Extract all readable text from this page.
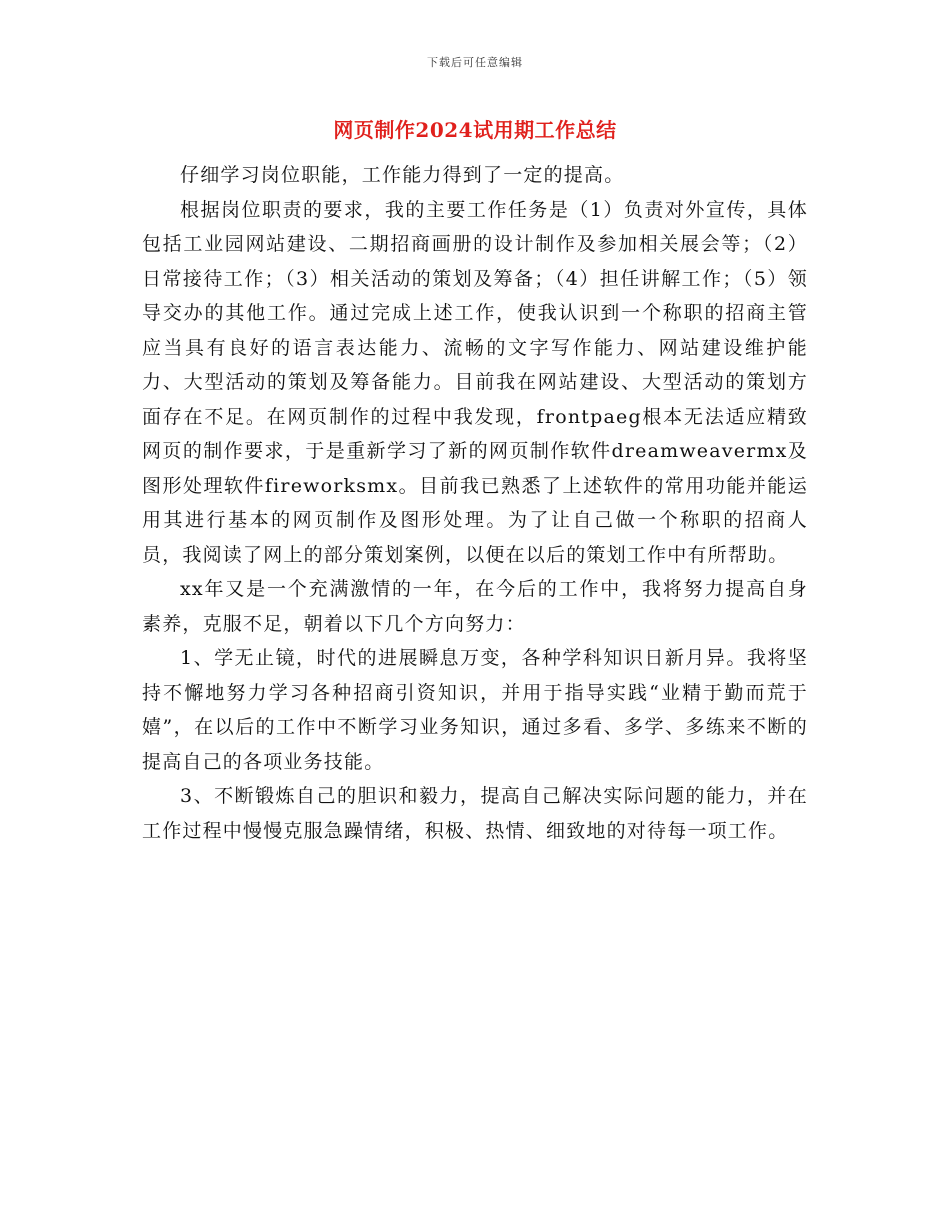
下载后可任意编辑
网页制作2024试用期工作总结

仔细学习岗位职能，工作能力得到了一定的提高。

根据岗位职责的要求，我的主要工作任务是（1）负责对外宣传，具体包括工业园网站建设、二期招商画册的设计制作及参加相关展会等；（2）日常接待工作；（3）相关活动的策划及筹备；（4）担任讲解工作；（5）领导交办的其他工作。通过完成上述工作，使我认识到一个称职的招商主管应当具有良好的语言表达能力、流畅的文字写作能力、网站建设维护能力、大型活动的策划及筹备能力。目前我在网站建设、大型活动的策划方面存在不足。在网页制作的过程中我发现，frontpaeg根本无法适应精致网页的制作要求，于是重新学习了新的网页制作软件dreamweavermx及图形处理软件fireworksmx。目前我已熟悉了上述软件的常用功能并能运用其进行基本的网页制作及图形处理。为了让自己做一个称职的招商人员，我阅读了网上的部分策划案例，以便在以后的策划工作中有所帮助。

xx年又是一个充满激情的一年，在今后的工作中，我将努力提高自身素养，克服不足，朝着以下几个方向努力：

1、学无止镜，时代的进展瞬息万变，各种学科知识日新月异。我将坚持不懈地努力学习各种招商引资知识，并用于指导实践“业精于勤而荒于嬉”，在以后的工作中不断学习业务知识，通过多看、多学、多练来不断的提高自己的各项业务技能。

3、不断锻炼自己的胆识和毅力，提高自己解决实际问题的能力，并在工作过程中慢慢克服急躁情绪，积极、热情、细致地的对待每一项工作。
